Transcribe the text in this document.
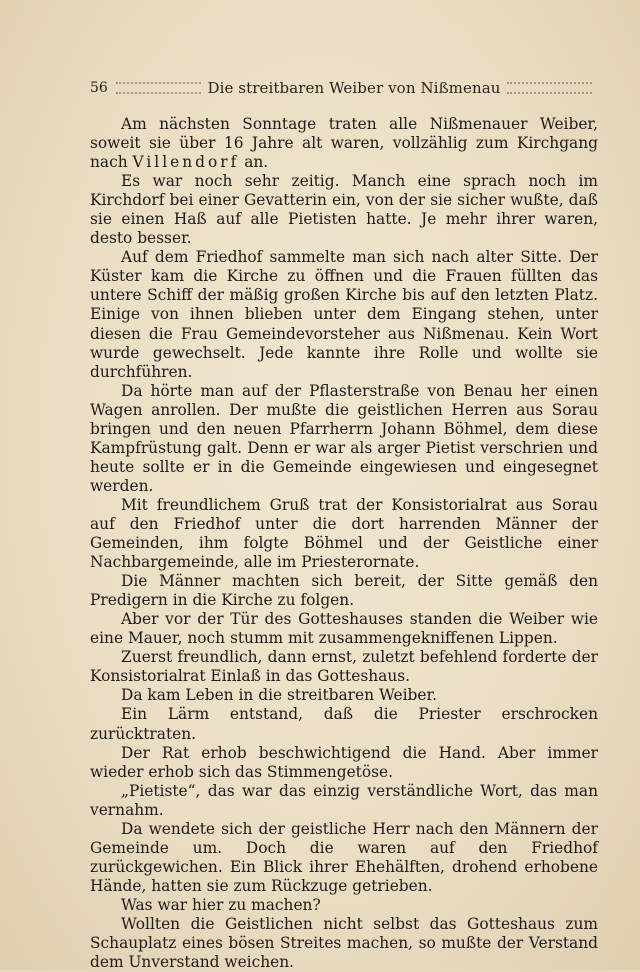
56	Die streitbaren Weiber von Nißmenau

Am nächsten Sonntage traten alle Nißmenauer Weiber, soweit sie über 16 Jahre alt waren, vollzählig zum Kirchgang nach Villendorf an.

Es war noch sehr zeitig. Manch eine sprach noch im Kirchdorf bei einer Gevatterin ein, von der sie sicher wußte, daß sie einen Haß auf alle Pietisten hatte. Je mehr ihrer waren, desto besser.

Auf dem Friedhof sammelte man sich nach alter Sitte. Der Küster kam die Kirche zu öffnen und die Frauen füllten das untere Schiff der mäßig großen Kirche bis auf den letzten Platz. Einige von ihnen blieben unter dem Eingang stehen, unter diesen die Frau Gemeindevorsteher aus Nißmenau. Kein Wort wurde gewechselt. Jede kannte ihre Rolle und wollte sie durchführen.

Da hörte man auf der Pflasterstraße von Benau her einen Wagen anrollen. Der mußte die geistlichen Herren aus Sorau bringen und den neuen Pfarrherrn Johann Böhmel, dem diese Kampfrüstung galt. Denn er war als arger Pietist verschrien und heute sollte er in die Gemeinde eingewiesen und eingesegnet werden.

Mit freundlichem Gruß trat der Konsistorialrat aus Sorau auf den Friedhof unter die dort harrenden Männer der Gemeinden, ihm folgte Böhmel und der Geistliche einer Nachbargemeinde, alle im Priesterornate.

Die Männer machten sich bereit, der Sitte gemäß den Predigern in die Kirche zu folgen.

Aber vor der Tür des Gotteshauses standen die Weiber wie eine Mauer, noch stumm mit zusammengekniffenen Lippen.

Zuerst freundlich, dann ernst, zuletzt befehlend forderte der Konsistorialrat Einlaß in das Gotteshaus.

Da kam Leben in die streitbaren Weiber.

Ein Lärm entstand, daß die Priester erschrocken zurücktraten.

Der Rat erhob beschwichtigend die Hand. Aber immer wieder erhob sich das Stimmengetöse.

„Pietiste“, das war das einzig verständliche Wort, das man vernahm.

Da wendete sich der geistliche Herr nach den Männern der Gemeinde um. Doch die waren auf den Friedhof zurückgewichen. Ein Blick ihrer Ehehälften, drohend erhobene Hände, hatten sie zum Rückzuge getrieben.

Was war hier zu machen?

Wollten die Geistlichen nicht selbst das Gotteshaus zum Schauplatz eines bösen Streites machen, so mußte der Verstand dem Unverstand weichen.
